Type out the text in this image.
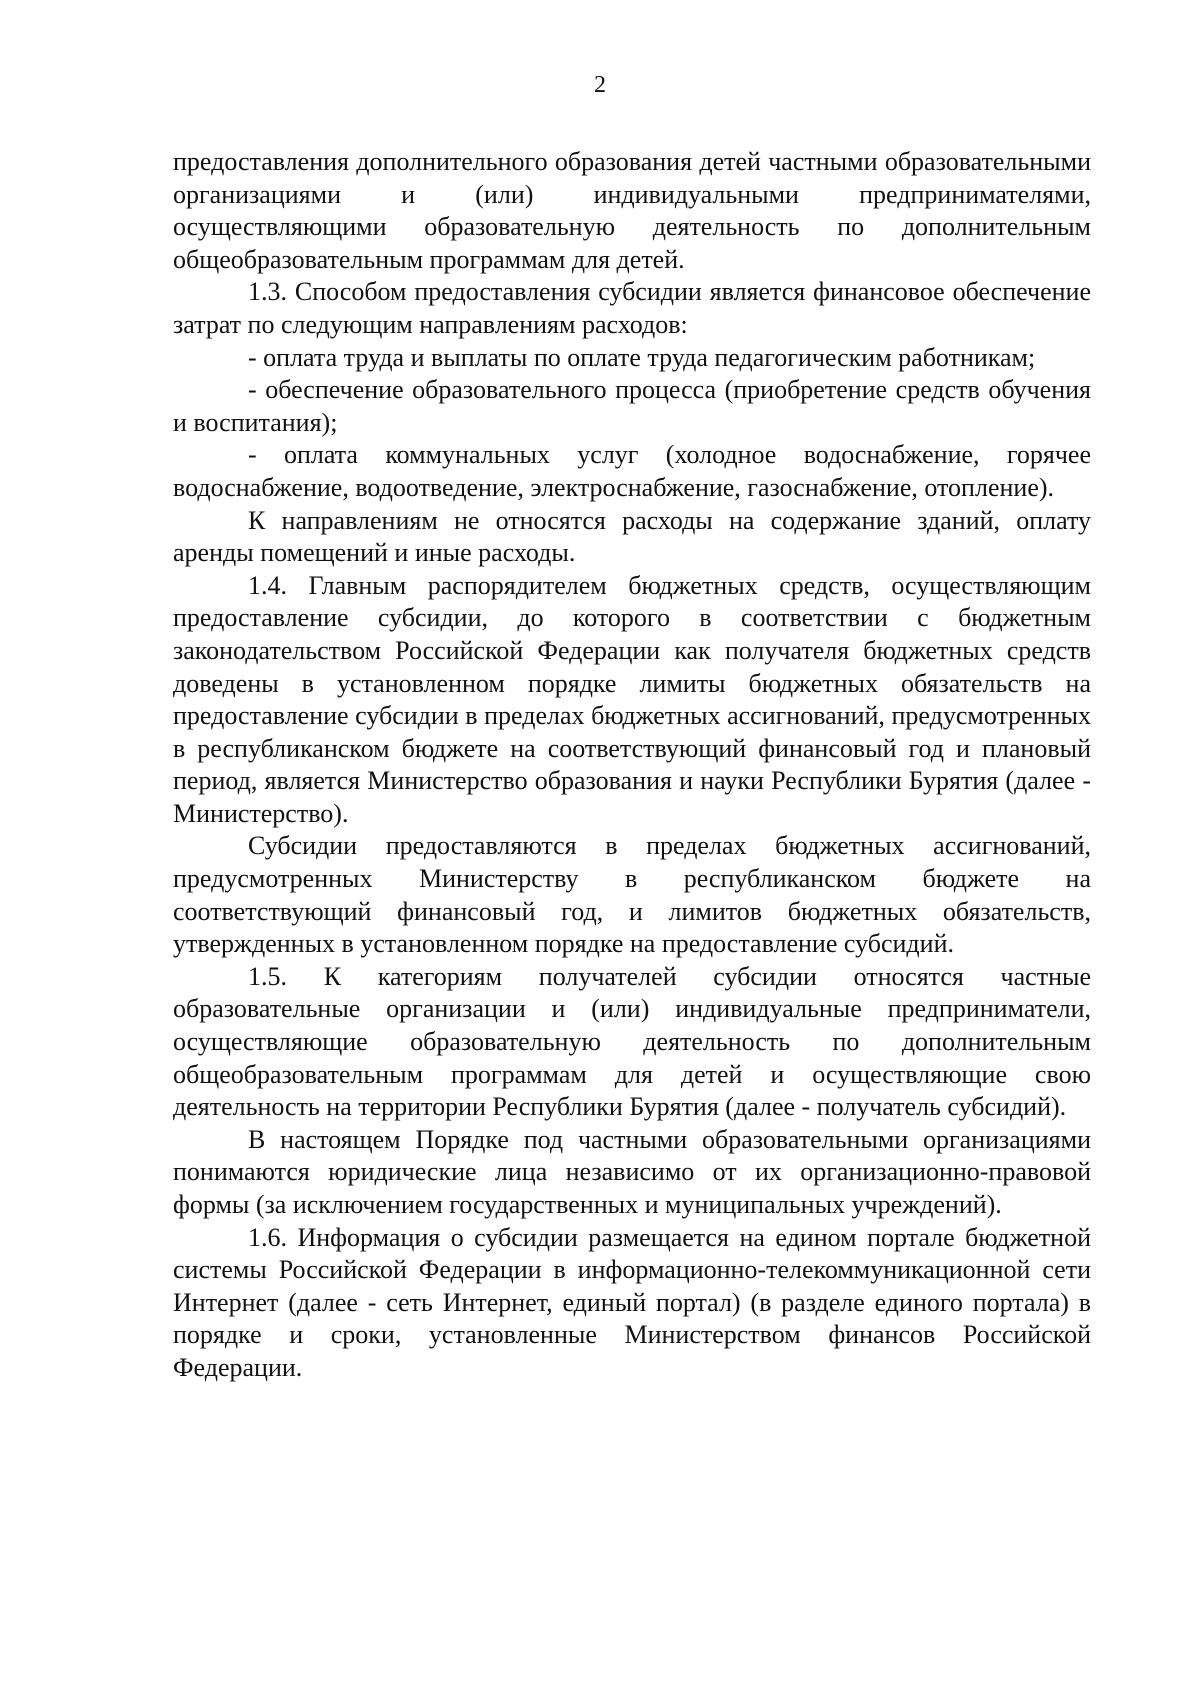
2

предоставления дополнительного образования детей частными образовательными организациями и (или) индивидуальными предпринимателями, осуществляющими образовательную деятельность по дополнительным общеобразовательным программам для детей.

1.3. Способом предоставления субсидии является финансовое обеспечение затрат по следующим направлениям расходов:

- оплата труда и выплаты по оплате труда педагогическим работникам;

- обеспечение образовательного процесса (приобретение средств обучения и воспитания);

- оплата коммунальных услуг (холодное водоснабжение, горячее водоснабжение, водоотведение, электроснабжение, газоснабжение, отопление).

К направлениям не относятся расходы на содержание зданий, оплату аренды помещений и иные расходы.

1.4. Главным распорядителем бюджетных средств, осуществляющим предоставление субсидии, до которого в соответствии с бюджетным законодательством Российской Федерации как получателя бюджетных средств доведены в установленном порядке лимиты бюджетных обязательств на предоставление субсидии в пределах бюджетных ассигнований, предусмотренных в республиканском бюджете на соответствующий финансовый год и плановый период, является Министерство образования и науки Республики Бурятия (далее - Министерство).

Субсидии предоставляются в пределах бюджетных ассигнований, предусмотренных Министерству в республиканском бюджете на соответствующий финансовый год, и лимитов бюджетных обязательств, утвержденных в установленном порядке на предоставление субсидий.

1.5. К категориям получателей субсидии относятся частные образовательные организации и (или) индивидуальные предприниматели, осуществляющие образовательную деятельность по дополнительным общеобразовательным программам для детей и осуществляющие свою деятельность на территории Республики Бурятия (далее - получатель субсидий).

В настоящем Порядке под частными образовательными организациями понимаются юридические лица независимо от их организационно-правовой формы (за исключением государственных и муниципальных учреждений).

1.6. Информация о субсидии размещается на едином портале бюджетной системы Российской Федерации в информационно-телекоммуникационной сети Интернет (далее - сеть Интернет, единый портал) (в разделе единого портала) в порядке и сроки, установленные Министерством финансов Российской Федерации.
